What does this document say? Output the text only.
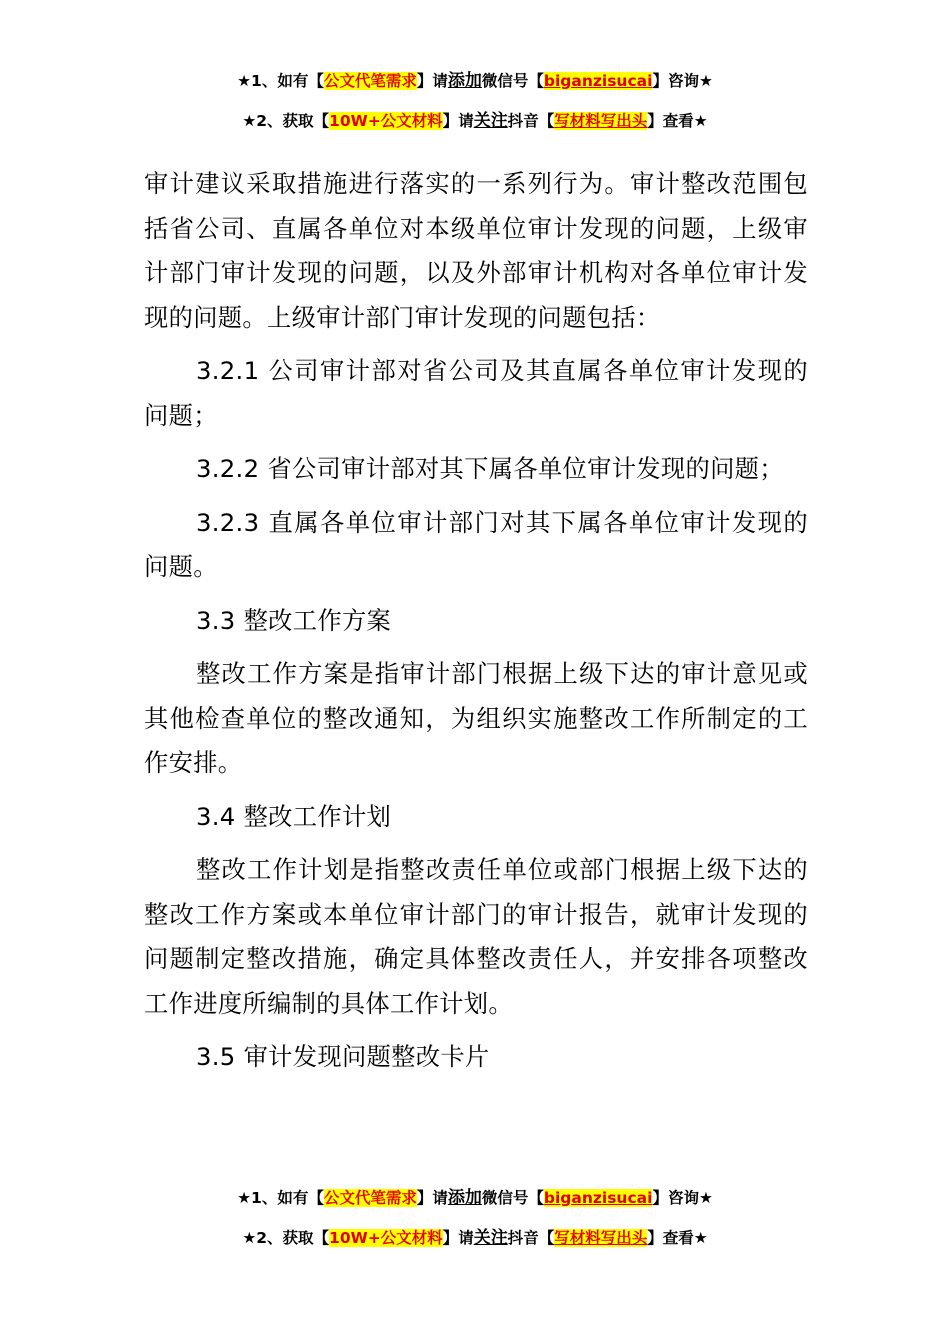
★1、如有【公文代笔需求】请添加微信号【biganzisucai】咨询★
★2、获取【10W+公文材料】请关注抖音【写材料写出头】查看★

审计建议采取措施进行落实的一系列行为。审计整改范围包括省公司、直属各单位对本级单位审计发现的问题，上级审计部门审计发现的问题，以及外部审计机构对各单位审计发现的问题。上级审计部门审计发现的问题包括：

3.2.1 公司审计部对省公司及其直属各单位审计发现的问题；

3.2.2 省公司审计部对其下属各单位审计发现的问题；

3.2.3 直属各单位审计部门对其下属各单位审计发现的问题。

3.3 整改工作方案

整改工作方案是指审计部门根据上级下达的审计意见或其他检查单位的整改通知，为组织实施整改工作所制定的工作安排。

3.4 整改工作计划

整改工作计划是指整改责任单位或部门根据上级下达的整改工作方案或本单位审计部门的审计报告，就审计发现的问题制定整改措施，确定具体整改责任人，并安排各项整改工作进度所编制的具体工作计划。

3.5 审计发现问题整改卡片

★1、如有【公文代笔需求】请添加微信号【biganzisucai】咨询★
★2、获取【10W+公文材料】请关注抖音【写材料写出头】查看★
